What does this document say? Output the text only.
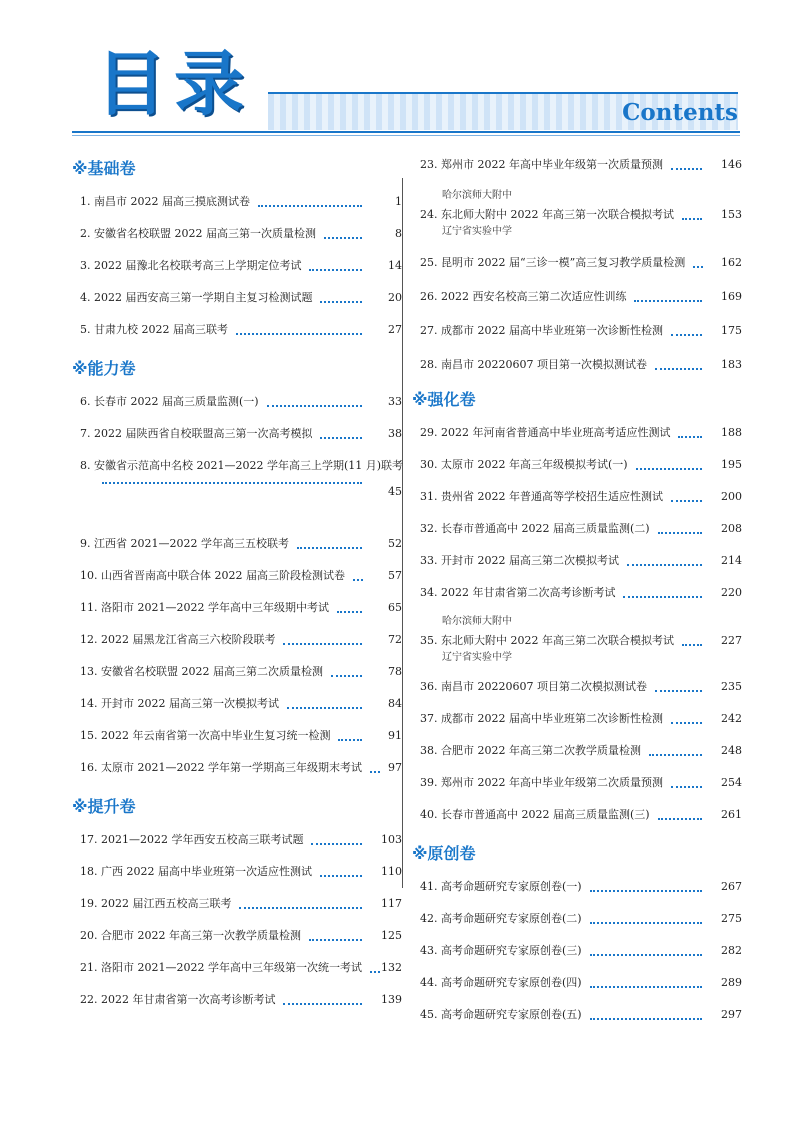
目录	Contents
※基础卷
1. 南昌市 2022 届高三摸底测试卷	1
2. 安徽省名校联盟 2022 届高三第一次质量检测	8
3. 2022 届豫北名校联考高三上学期定位考试	14
4. 2022 届西安高三第一学期自主复习检测试题	20
5. 甘肃九校 2022 届高三联考	27
※能力卷
6. 长春市 2022 届高三质量监测(一)	33
7. 2022 届陕西省自校联盟高三第一次高考模拟	38
8. 安徽省示范高中名校 2021—2022 学年高三上学期(11 月)联考
45
9. 江西省 2021—2022 学年高三五校联考	52
10. 山西省晋南高中联合体 2022 届高三阶段检测试卷	57
11. 洛阳市 2021—2022 学年高中三年级期中考试	65
12. 2022 届黑龙江省高三六校阶段联考	72
13. 安徽省名校联盟 2022 届高三第二次质量检测	78
14. 开封市 2022 届高三第一次模拟考试	84
15. 2022 年云南省第一次高中毕业生复习统一检测	91
16. 太原市 2021—2022 学年第一学期高三年级期末考试	97
※提升卷
17. 2021—2022 学年西安五校高三联考试题	103
18. 广西 2022 届高中毕业班第一次适应性测试	110
19. 2022 届江西五校高三联考	117
20. 合肥市 2022 年高三第一次教学质量检测	125
21. 洛阳市 2021—2022 学年高中三年级第一次统一考试	132
22. 2022 年甘肃省第一次高考诊断考试	139
23. 郑州市 2022 年高中毕业年级第一次质量预测	146
哈尔滨师大附中
24. 东北师大附中 2022 年高三第一次联合模拟考试	153
辽宁省实验中学
25. 昆明市 2022 届“三诊一模”高三复习教学质量检测	162
26. 2022 西安名校高三第二次适应性训练	169
27. 成都市 2022 届高中毕业班第一次诊断性检测	175
28. 南昌市 20220607 项目第一次模拟测试卷	183
※强化卷
29. 2022 年河南省普通高中毕业班高考适应性测试	188
30. 太原市 2022 年高三年级模拟考试(一)	195
31. 贵州省 2022 年普通高等学校招生适应性测试	200
32. 长春市普通高中 2022 届高三质量监测(二)	208
33. 开封市 2022 届高三第二次模拟考试	214
34. 2022 年甘肃省第二次高考诊断考试	220
哈尔滨师大附中
35. 东北师大附中 2022 年高三第二次联合模拟考试	227
辽宁省实验中学
36. 南昌市 20220607 项目第二次模拟测试卷	235
37. 成都市 2022 届高中毕业班第二次诊断性检测	242
38. 合肥市 2022 年高三第二次教学质量检测	248
39. 郑州市 2022 年高中毕业年级第二次质量预测	254
40. 长春市普通高中 2022 届高三质量监测(三)	261
※原创卷
41. 高考命题研究专家原创卷(一)	267
42. 高考命题研究专家原创卷(二)	275
43. 高考命题研究专家原创卷(三)	282
44. 高考命题研究专家原创卷(四)	289
45. 高考命题研究专家原创卷(五)	297
